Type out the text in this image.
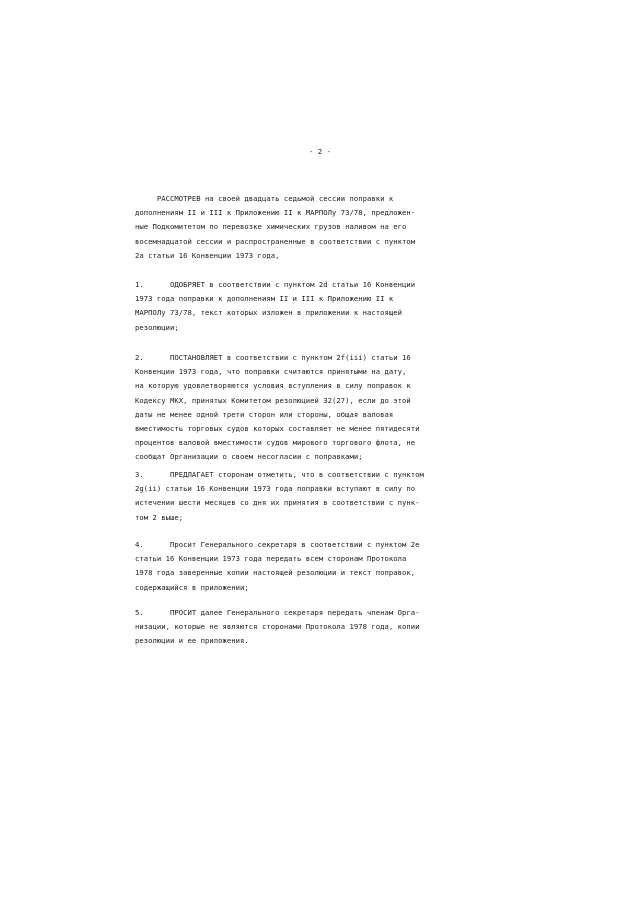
- 2 -

РАССМОТРЕВ на своей двадцать седьмой сессии поправки к
дополнениям II и III к Приложению II к МАРПОЛу 73/78, предложен-
ные Подкомитетом по перевозке химических грузов наливом на его
восемнадцатой сессии и распространенные в соответствии с пунктом
2a статьи 16 Конвенции 1973 года,

1.      ОДОБРЯЕТ в соответствии с пунктом 2d статьи 16 Конвенции
1973 года поправки к дополнениям II и III к Приложению II к
МАРПОЛу 73/78, текст которых изложен в приложении к настоящей
резолюции;

2.      ПОСТАНОВЛЯЕТ в соответствии с пунктом 2f(iii) статьи 16
Конвенции 1973 года, что поправки считаются принятыми на дату,
на которую удовлетворяются условия вступления в силу поправок к
Кодексу МКХ, принятых Комитетом резолюцией 32(27), если до этой
даты не менее одной трети сторон или стороны, общая валовая
вместимость торговых судов которых составляет не менее пятидесяти
процентов валовой вместимости судов мирового торгового флота, не
сообщат Организации о своем несогласии с поправками;

3.      ПРЕДЛАГАЕТ сторонам отметить, что в соответствии с пунктом
2g(ii) статьи 16 Конвенции 1973 года поправки вступают в силу по
истечении шести месяцев со дня их принятия в соответствии с пунк-
том 2 выше;

4.      Просит Генерального секретаря в соответствии с пунктом 2e
статьи 16 Конвенции 1973 года передать всем сторонам Протокола
1978 года заверенные копии настоящей резолюции и текст поправок,
содержащийся в приложении;

5.      ПРОСИТ далее Генерального секретаря передать членам Орга-
низации, которые не являются сторонами Протокола 1978 года, копии
резолюции и ее приложения.
